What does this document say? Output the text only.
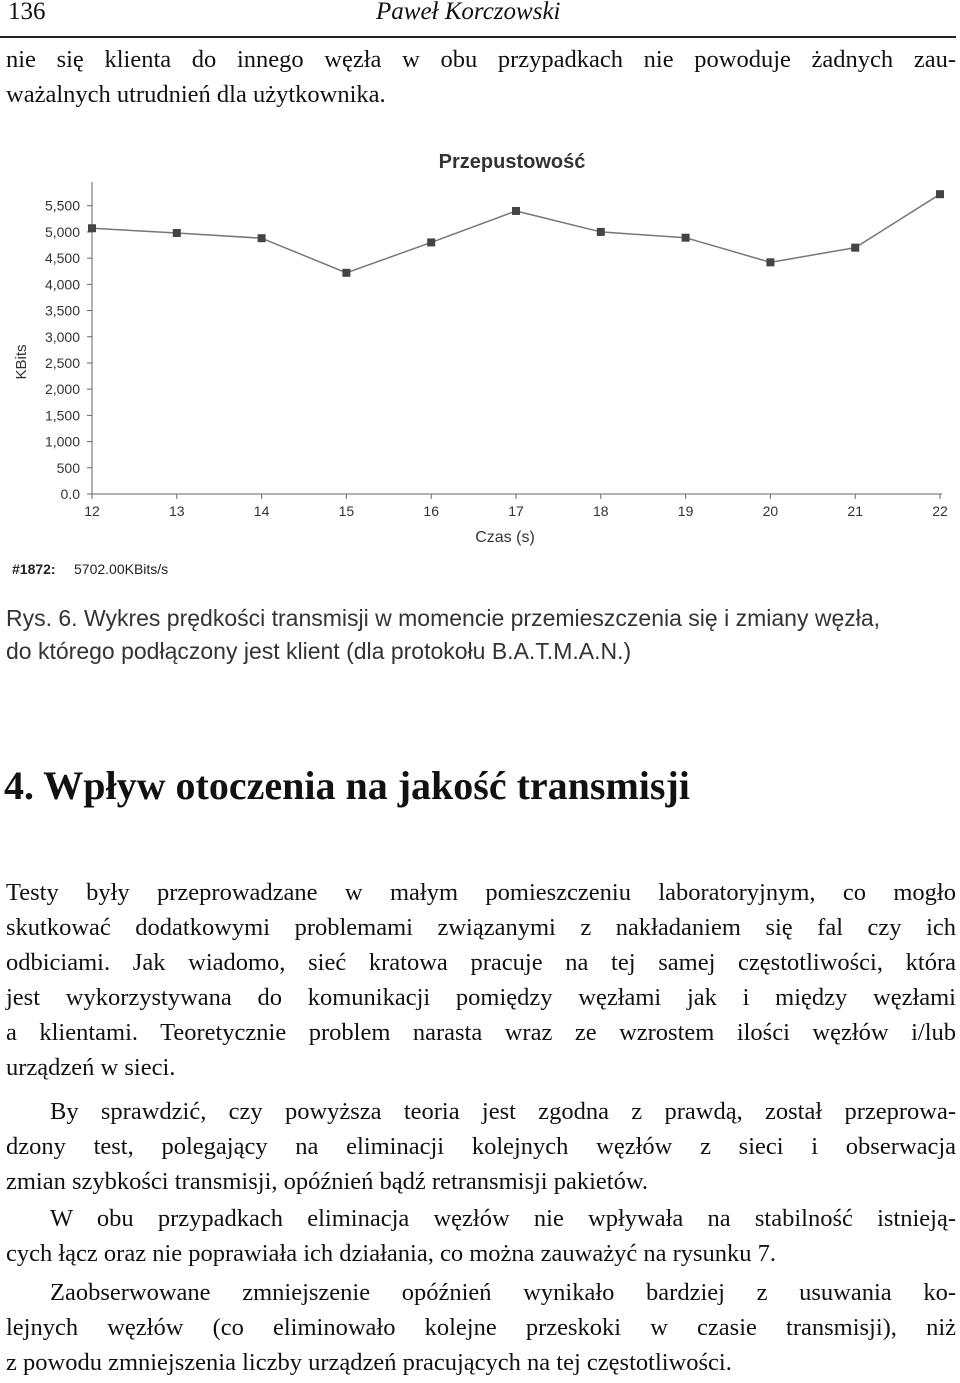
136	Paweł Korczowski
nie się klienta do innego węzła w obu przypadkach nie powoduje żadnych zau-
ważalnych utrudnień dla użytkownika.
Przepustowość
KBits
Czas (s)
#1872: 5702.00KBits/s
0.0
500
1,000
1,500
2,000
2,500
3,000
3,500
4,000
4,500
5,000
5,500
12	13	14	15	16	17	18	19	20	21	22
Rys. 6. Wykres prędkości transmisji w momencie przemieszczenia się i zmiany węzła,
do którego podłączony jest klient (dla protokołu B.A.T.M.A.N.)
4. Wpływ otoczenia na jakość transmisji
Testy były przeprowadzane w małym pomieszczeniu laboratoryjnym, co mogło
skutkować dodatkowymi problemami związanymi z nakładaniem się fal czy ich
odbiciami. Jak wiadomo, sieć kratowa pracuje na tej samej częstotliwości, która
jest wykorzystywana do komunikacji pomiędzy węzłami jak i między węzłami
a klientami. Teoretycznie problem narasta wraz ze wzrostem ilości węzłów i/lub
urządzeń w sieci.
By sprawdzić, czy powyższa teoria jest zgodna z prawdą, został przeprowa-
dzony test, polegający na eliminacji kolejnych węzłów z sieci i obserwacja
zmian szybkości transmisji, opóźnień bądź retransmisji pakietów.
W obu przypadkach eliminacja węzłów nie wpływała na stabilność istnieją-
cych łącz oraz nie poprawiała ich działania, co można zauważyć na rysunku 7.
Zaobserwowane zmniejszenie opóźnień wynikało bardziej z usuwania ko-
lejnych węzłów (co eliminowało kolejne przeskoki w czasie transmisji), niż
z powodu zmniejszenia liczby urządzeń pracujących na tej częstotliwości.
